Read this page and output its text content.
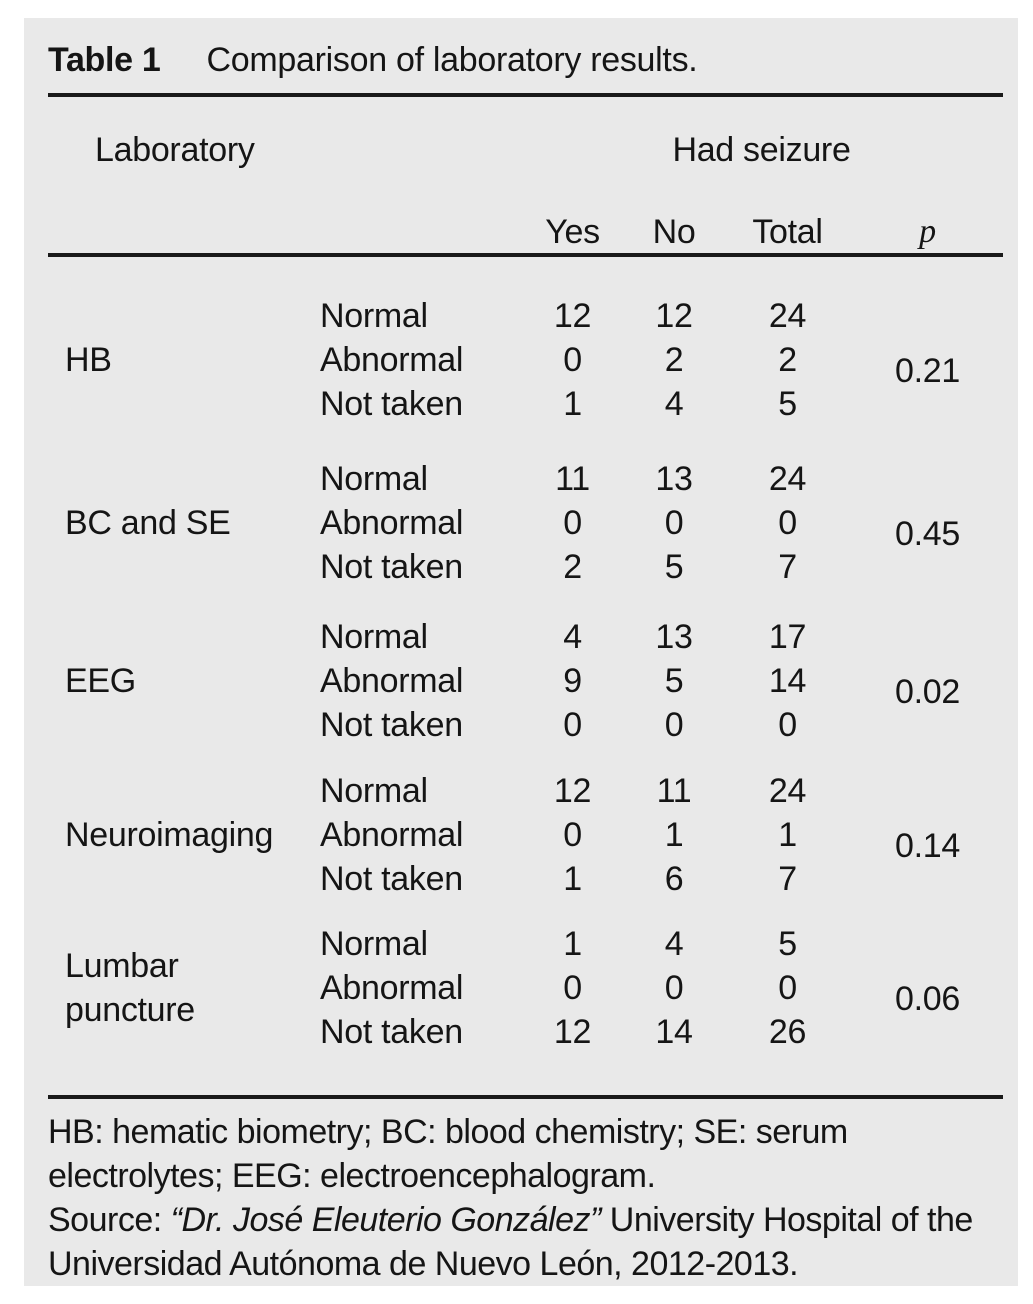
Table 1 Comparison of laboratory results.
Laboratory	Had seizure
Yes	No	Total	p
HB
Normal	12	12	24
Abnormal	0	2	2
Not taken	1	4	5
0.21
BC and SE
Normal	11	13	24
Abnormal	0	0	0
Not taken	2	5	7
0.45
EEG
Normal	4	13	17
Abnormal	9	5	14
Not taken	0	0	0
0.02
Neuroimaging
Normal	12	11	24
Abnormal	0	1	1
Not taken	1	6	7
0.14
Lumbar puncture
Normal	1	4	5
Abnormal	0	0	0
Not taken	12	14	26
0.06
HB: hematic biometry; BC: blood chemistry; SE: serum electrolytes; EEG: electroencephalogram.
Source: “Dr. José Eleuterio González” University Hospital of the Universidad Autónoma de Nuevo León, 2012-2013.
